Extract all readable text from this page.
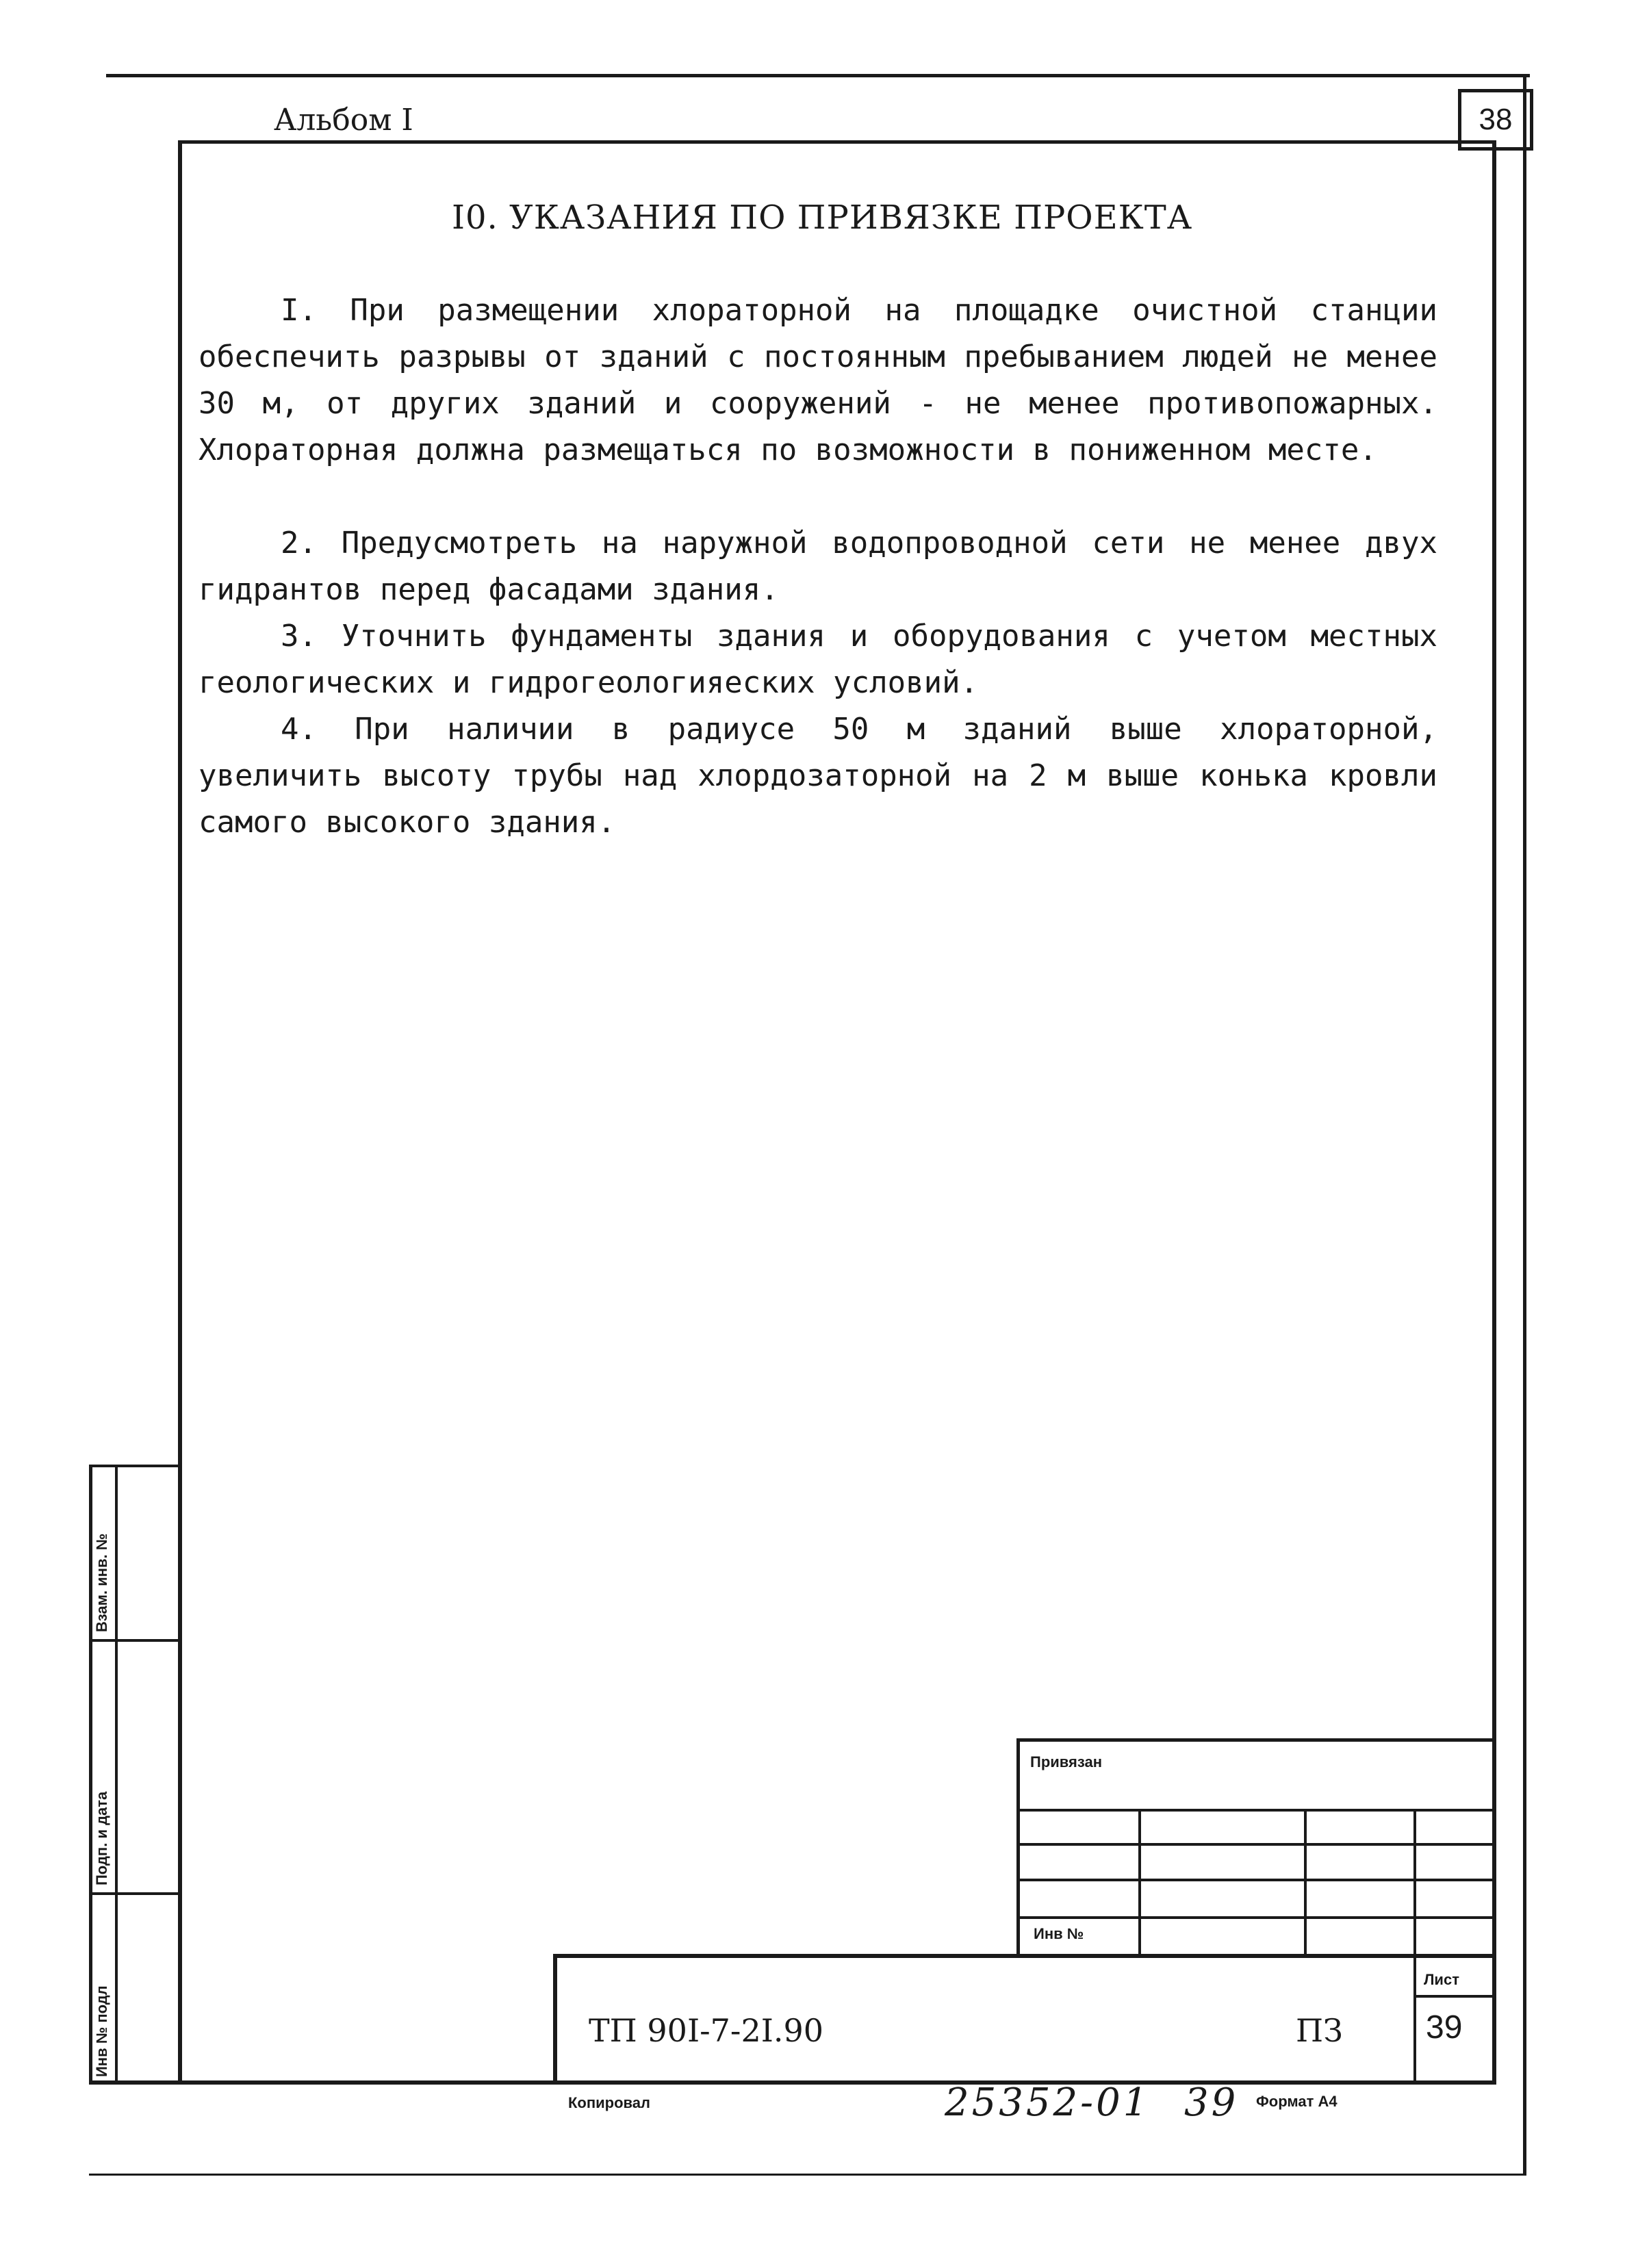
Альбом I	38
I0. УКАЗАНИЯ ПО ПРИВЯЗКЕ ПРОЕКТА
I. При размещении хлораторной на площадке очистной станции обеспечить разрывы от зданий с постоянным пребыванием людей не менее 30 м, от других зданий и сооружений - не менее противопожарных. Хлораторная должна размещаться по возможности в пониженном месте.
2. Предусмотреть на наружной водопроводной сети не менее двух гидрантов перед фасадами здания.
3. Уточнить фундаменты здания и оборудования с учетом местных геологических и гидрогеологияеских условий.
4. При наличии в радиусе 50 м зданий выше хлораторной, увеличить высоту трубы над хлордозаторной на 2 м выше конька кровли самого высокого здания.
Взам. инв. №
Подп. и дата
Инв № подл
Привязан
Инв №
Лист
ТП 90I-7-2I.90	ПЗ	39
Копировал	25352-01 39 Формат А4
